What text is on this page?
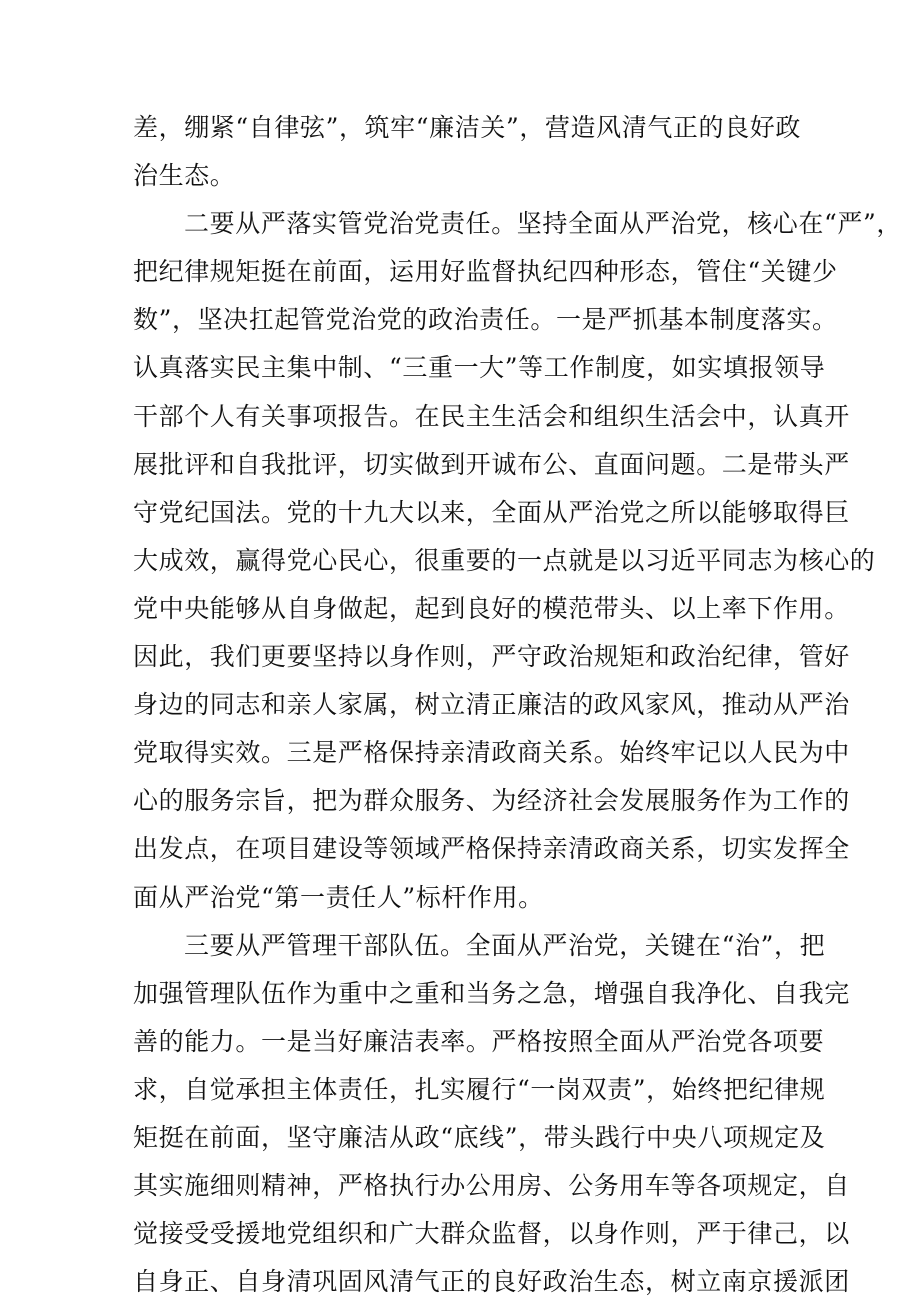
差，绷紧“自律弦”，筑牢“廉洁关”，营造风清气正的良好政
治生态。
二要从严落实管党治党责任。坚持全面从严治党，核心在“严”，
把纪律规矩挺在前面，运用好监督执纪四种形态，管住“关键少
数”，坚决扛起管党治党的政治责任。一是严抓基本制度落实。
认真落实民主集中制、“三重一大”等工作制度，如实填报领导
干部个人有关事项报告。在民主生活会和组织生活会中，认真开
展批评和自我批评，切实做到开诚布公、直面问题。二是带头严
守党纪国法。党的十九大以来，全面从严治党之所以能够取得巨
大成效，赢得党心民心，很重要的一点就是以习近平同志为核心的
党中央能够从自身做起，起到良好的模范带头、以上率下作用。
因此，我们更要坚持以身作则，严守政治规矩和政治纪律，管好
身边的同志和亲人家属，树立清正廉洁的政风家风，推动从严治
党取得实效。三是严格保持亲清政商关系。始终牢记以人民为中
心的服务宗旨，把为群众服务、为经济社会发展服务作为工作的
出发点，在项目建设等领域严格保持亲清政商关系，切实发挥全
面从严治党“第一责任人”标杆作用。
三要从严管理干部队伍。全面从严治党，关键在“治”，把
加强管理队伍作为重中之重和当务之急，增强自我净化、自我完
善的能力。一是当好廉洁表率。严格按照全面从严治党各项要
求，自觉承担主体责任，扎实履行“一岗双责”，始终把纪律规
矩挺在前面，坚守廉洁从政“底线”，带头践行中央八项规定及
其实施细则精神，严格执行办公用房、公务用车等各项规定，自
觉接受受援地党组织和广大群众监督，以身作则，严于律己，以
自身正、自身清巩固风清气正的良好政治生态，树立南京援派团
